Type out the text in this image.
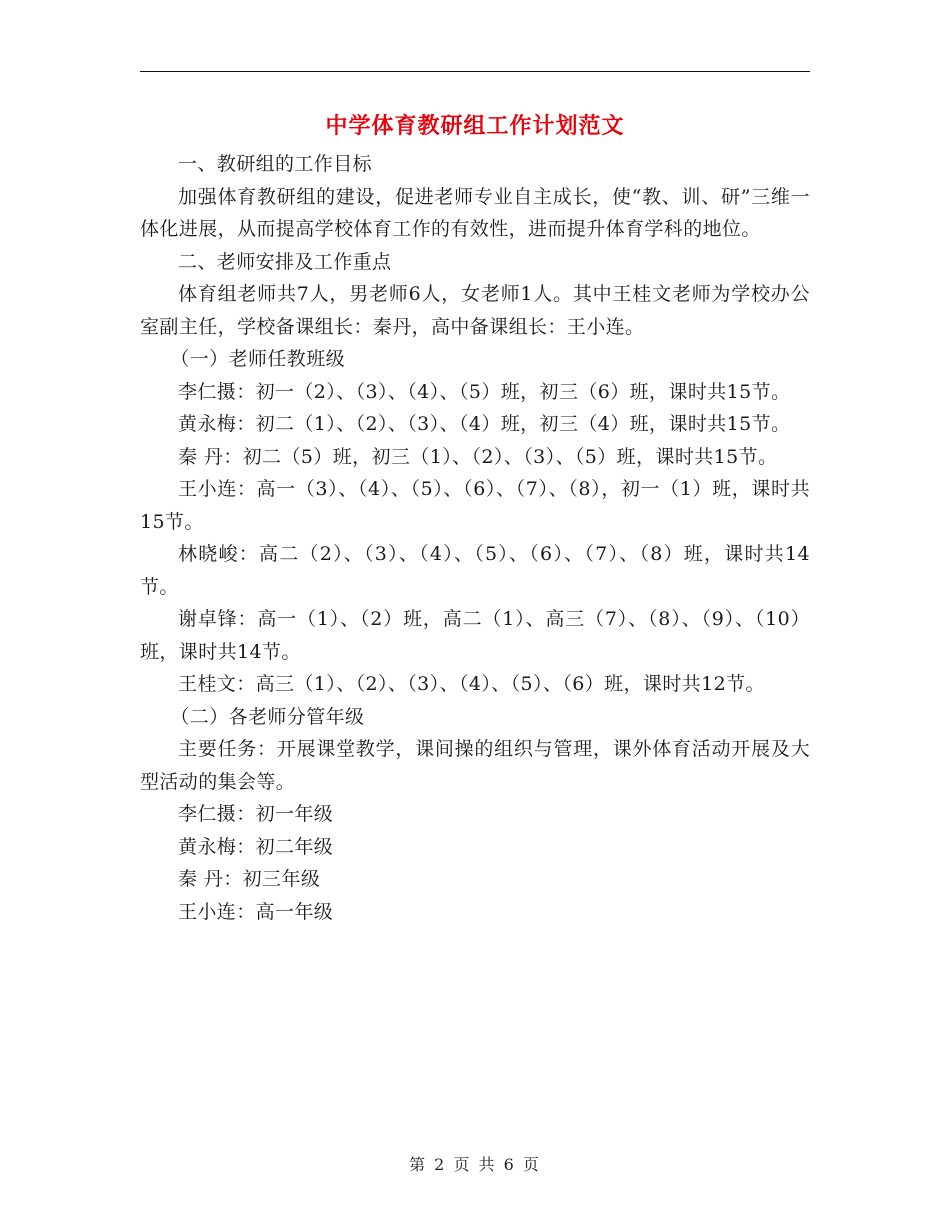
中学体育教研组工作计划范文

一、教研组的工作目标

加强体育教研组的建设，促进老师专业自主成长，使“教、训、研”三维一体化进展，从而提高学校体育工作的有效性，进而提升体育学科的地位。

二、老师安排及工作重点

体育组老师共7人，男老师6人，女老师1人。其中王桂文老师为学校办公室副主任，学校备课组长：秦丹，高中备课组长：王小连。

（一）老师任教班级

李仁摄：初一（2）、（3）、（4）、（5）班，初三（6）班，课时共15节。

黄永梅：初二（1）、（2）、（3）、（4）班，初三（4）班，课时共15节。

秦 丹：初二（5）班，初三（1）、（2）、（3）、（5）班，课时共15节。

王小连：高一（3）、（4）、（5）、（6）、（7）、（8），初一（1）班，课时共15节。

林晓峻：高二（2）、（3）、（4）、（5）、（6）、（7）、（8）班，课时共14节。

谢卓锋：高一（1）、（2）班，高二（1）、高三（7）、（8）、（9）、（10）班，课时共14节。

王桂文：高三（1）、（2）、（3）、（4）、（5）、（6）班，课时共12节。

（二）各老师分管年级

主要任务：开展课堂教学，课间操的组织与管理，课外体育活动开展及大型活动的集会等。

李仁摄：初一年级

黄永梅：初二年级

秦 丹：初三年级

王小连：高一年级

第 2 页 共 6 页
